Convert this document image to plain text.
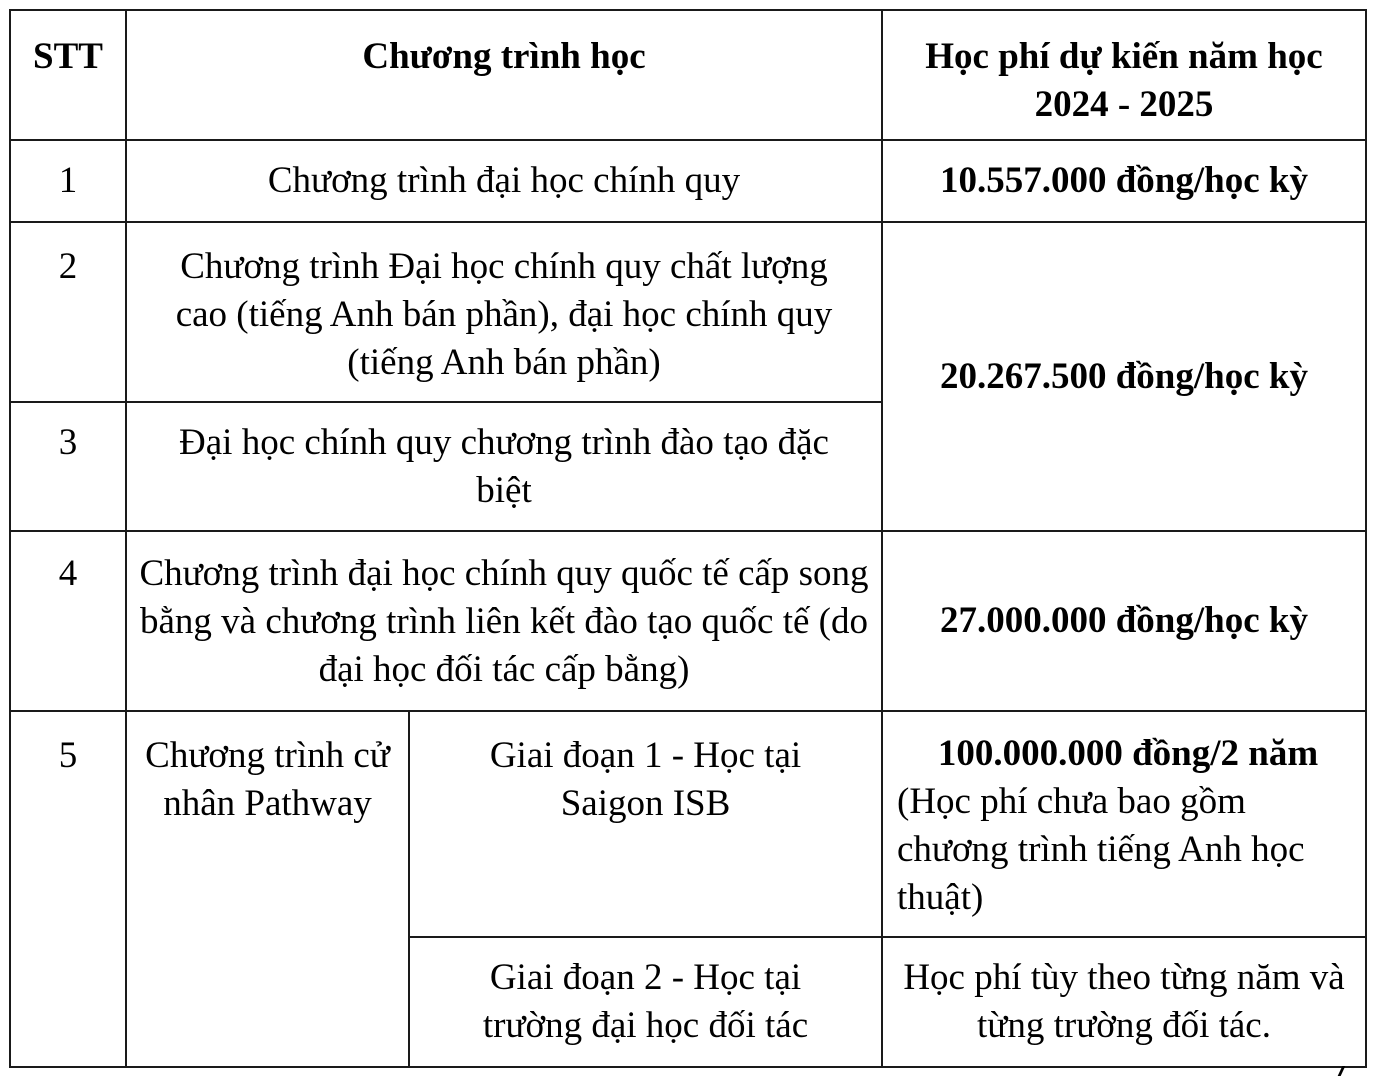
STT	Chương trình học		Học phí dự kiến năm học
2024 - 2025
1	Chương trình đại học chính quy		10.557.000 đồng/học kỳ
2	Chương trình Đại học chính quy chất lượng cao (tiếng Anh bán phần), đại học chính quy (tiếng Anh bán phần)		20.267.500 đồng/học kỳ
3	Đại học chính quy chương trình đào tạo đặc biệt		
4	Chương trình đại học chính quy quốc tế cấp song bằng và chương trình liên kết đào tạo quốc tế (do đại học đối tác cấp bằng)		27.000.000 đồng/học kỳ
5	Chương trình cử nhân Pathway	Giai đoạn 1 - Học tại Saigon ISB	100.000.000 đồng/2 năm
(Học phí chưa bao gồm chương trình tiếng Anh học thuật)

		Giai đoạn 2 - Học tại trường đại học đối tác	Học phí tùy theo từng năm và từng trường đối tác.
